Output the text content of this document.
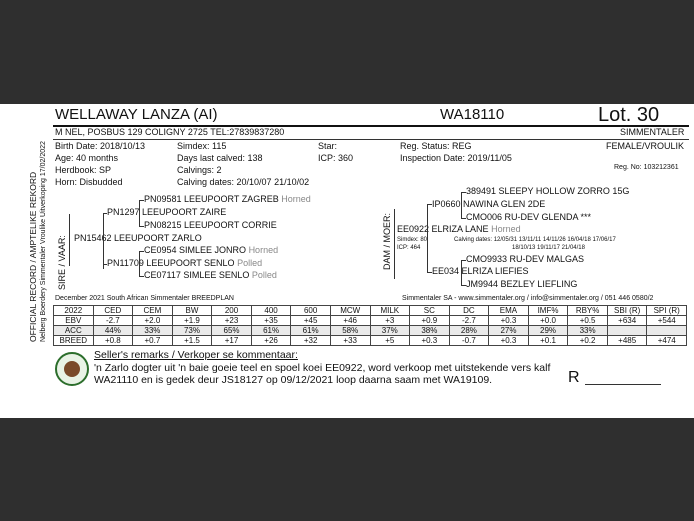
OFFICIAL RECORD / AMPTELIKE REKORD Nelberg Boerdery Simmentaler Vroulike Uitverkoping 17/02/2022
WELLAWAY LANZA (AI)	WA18110	Lot. 30
M NEL, POSBUS 129 COLIGNY 2725 TEL:27839837280	SIMMENTALER
Birth Date: 2018/10/13
Age: 40 months
Herdbook: SP
Horn: Disbudded
Simdex: 115
Days last calved: 138
Calvings: 2
Calving dates: 20/10/07 21/10/02
Star:
ICP: 360
Reg. Status: REG
Inspection Date: 2019/11/05
FEMALE/VROULIK
Reg. No: 103212361
SIRE / VAAR:
PN09581 LEEUPOORT ZAGREB Horned
PN1297 LEEUPOORT ZAIRE
PN08215 LEEUPOORT CORRIE
PN15462 LEEUPOORT ZARLO
CE0954 SIMLEE JONRO Horned
PN11709 LEEUPOORT SENLO Polled
CE07117 SIMLEE SENLO Polled
DAM / MOER:
389491 SLEEPY HOLLOW ZORRO 15G
IP0660 NAWINA GLEN 2DE
CMO006 RU-DEV GLENDA ***
EE0922 ELRIZA LANE Horned
Simdex: 80
ICP: 464
Calving dates: 12/05/31 13/11/11 14/11/26 16/04/18 17/06/17
18/10/13 19/11/17 21/04/18
CMO9933 RU-DEV MALGAS
EE034 ELRIZA LIEFIES
JM9944 BEZLEY LIEFLING
December 2021 South African Simmentaler BREEDPLAN	Simmentaler SA - www.simmentaler.org / info@simmentaler.org / 051 446 0580/2
2022	CED	CEM	BW	200	400	600	MCW	MILK	SC	DC	EMA	IMF%	RBY%	SBI (R)	SPI (R)
EBV	-2.7	+2.0	+1.9	+23	+35	+45	+46	+3	+0.9	-2.7	+0.3	+0.0	+0.5	+634	+544
ACC	44%	33%	73%	65%	61%	61%	58%	37%	38%	28%	27%	29%	33%		
BREED	+0.8	+0.7	+1.5	+17	+26	+32	+33	+5	+0.3	-0.7	+0.3	+0.1	+0.2	+485	+474
Seller's remarks / Verkoper se kommentaar:
'n Zarlo dogter uit 'n baie goeie teel en spoel koei EE0922, word verkoop met uitstekende vers kalf
WA21110 en is gedek deur JS18127 op 09/12/2021 loop daarna saam met WA19109.	R
